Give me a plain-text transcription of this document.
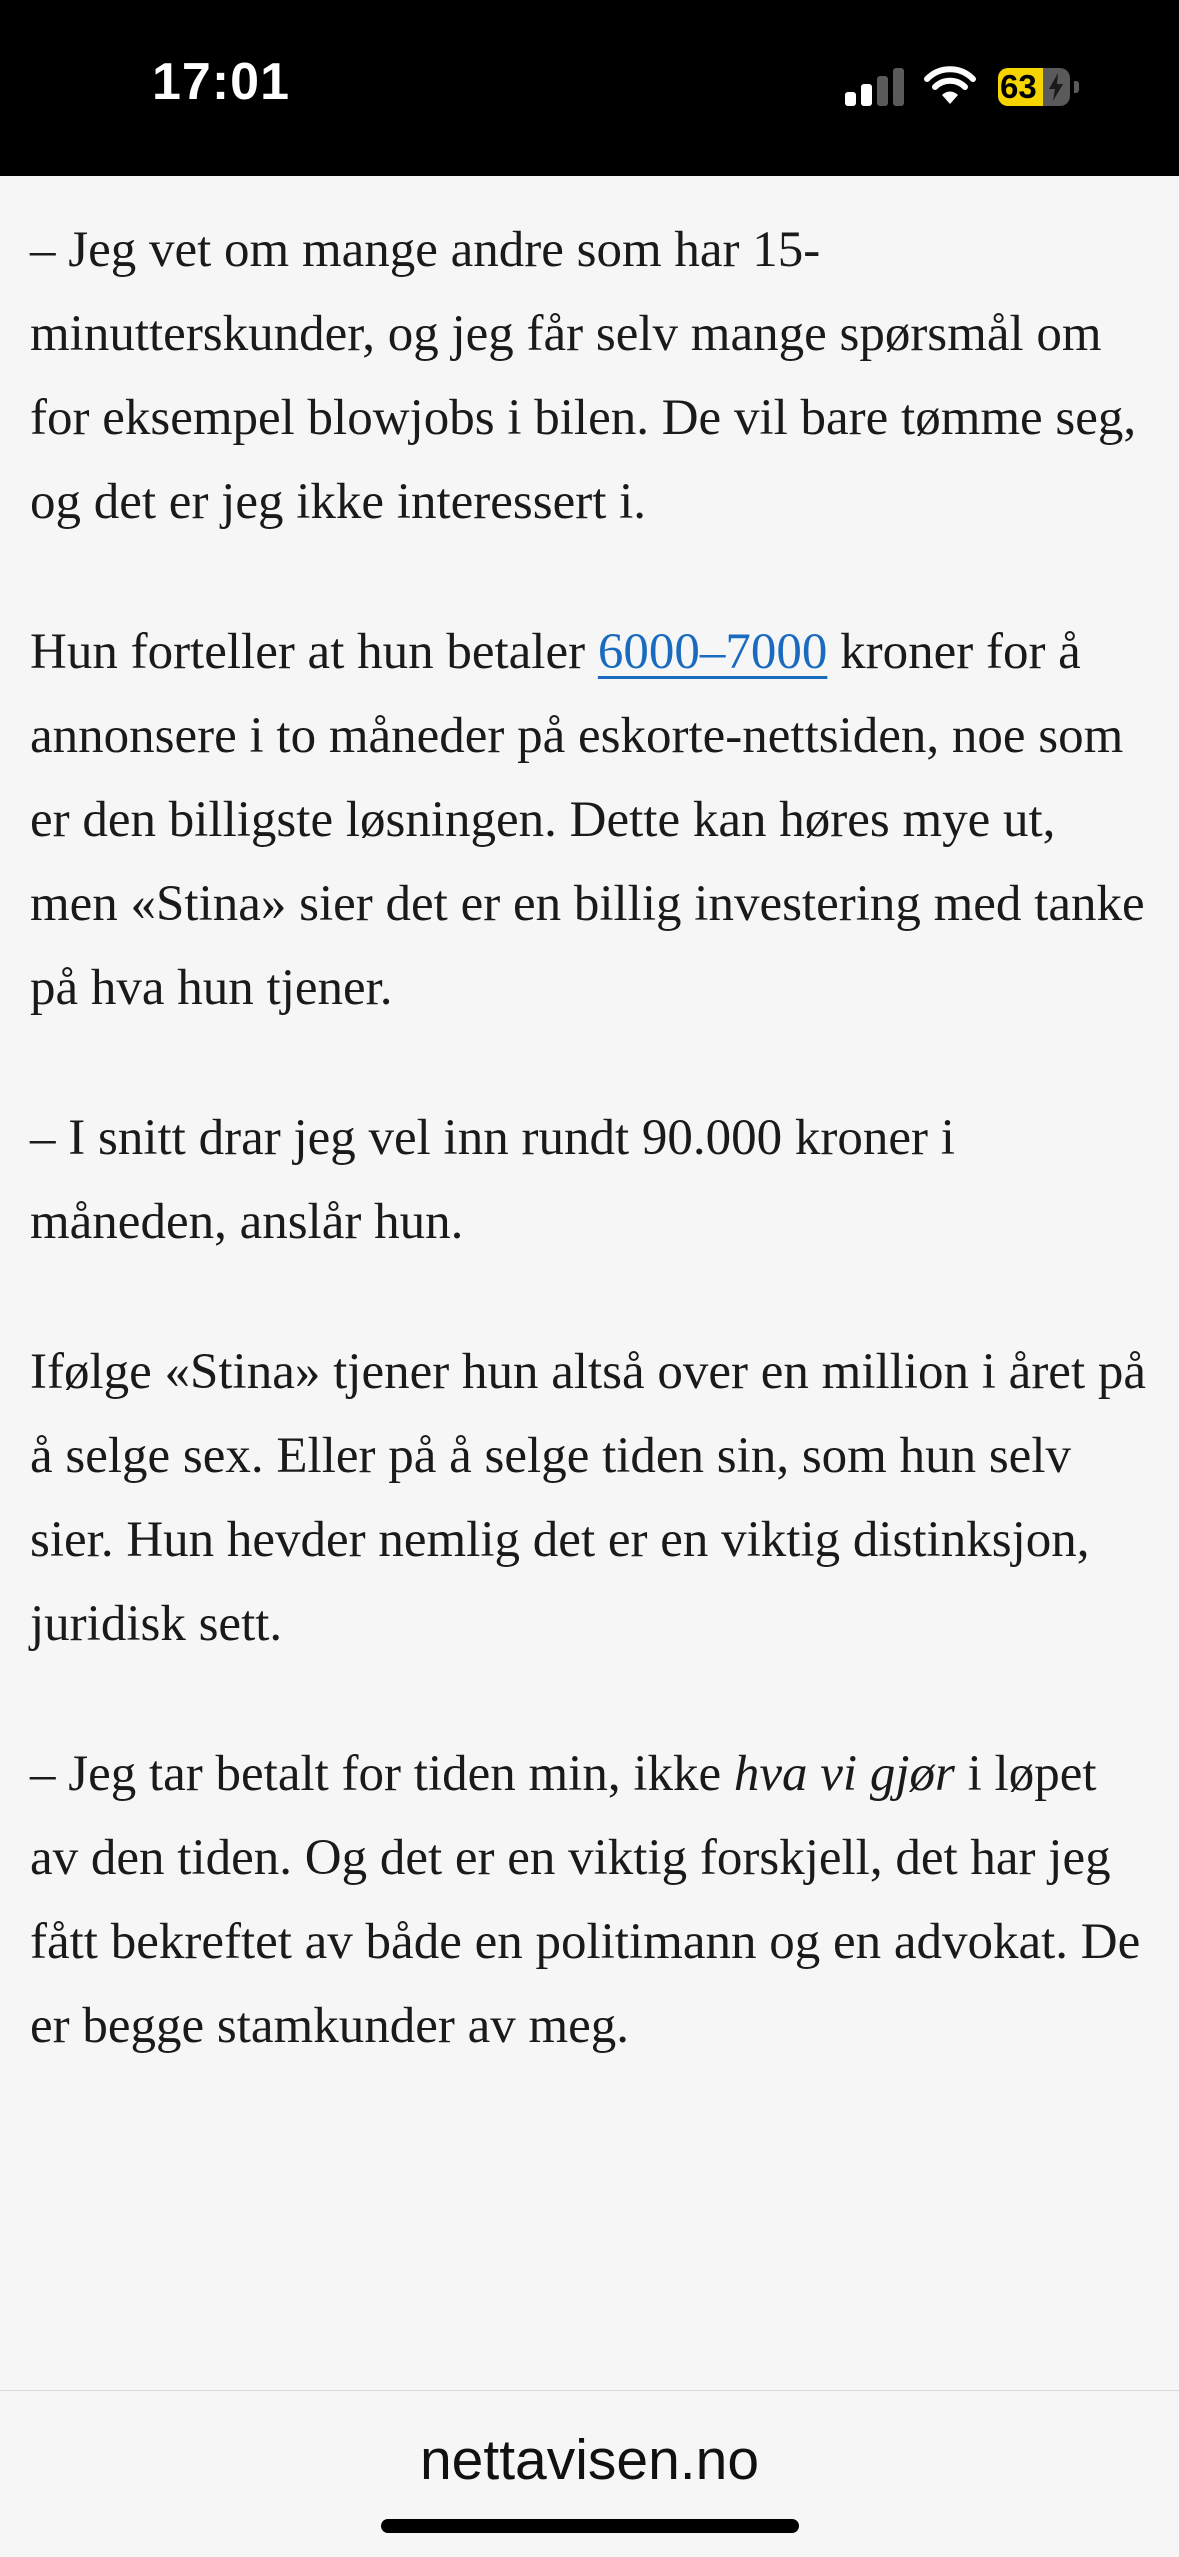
17:01	63

– Jeg vet om mange andre som har 15-minutterskunder, og jeg får selv mange spørsmål om for eksempel blowjobs i bilen. De vil bare tømme seg, og det er jeg ikke interessert i.

Hun forteller at hun betaler 6000–7000 kroner for å annonsere i to måneder på eskorte-nettsiden, noe som er den billigste løsningen. Dette kan høres mye ut, men «Stina» sier det er en billig investering med tanke på hva hun tjener.

– I snitt drar jeg vel inn rundt 90.000 kroner i måneden, anslår hun.

Ifølge «Stina» tjener hun altså over en million i året på å selge sex. Eller på å selge tiden sin, som hun selv sier. Hun hevder nemlig det er en viktig distinksjon, juridisk sett.

– Jeg tar betalt for tiden min, ikke hva vi gjør i løpet av den tiden. Og det er en viktig forskjell, det har jeg fått bekreftet av både en politimann og en advokat. De er begge stamkunder av meg.

nettavisen.no
